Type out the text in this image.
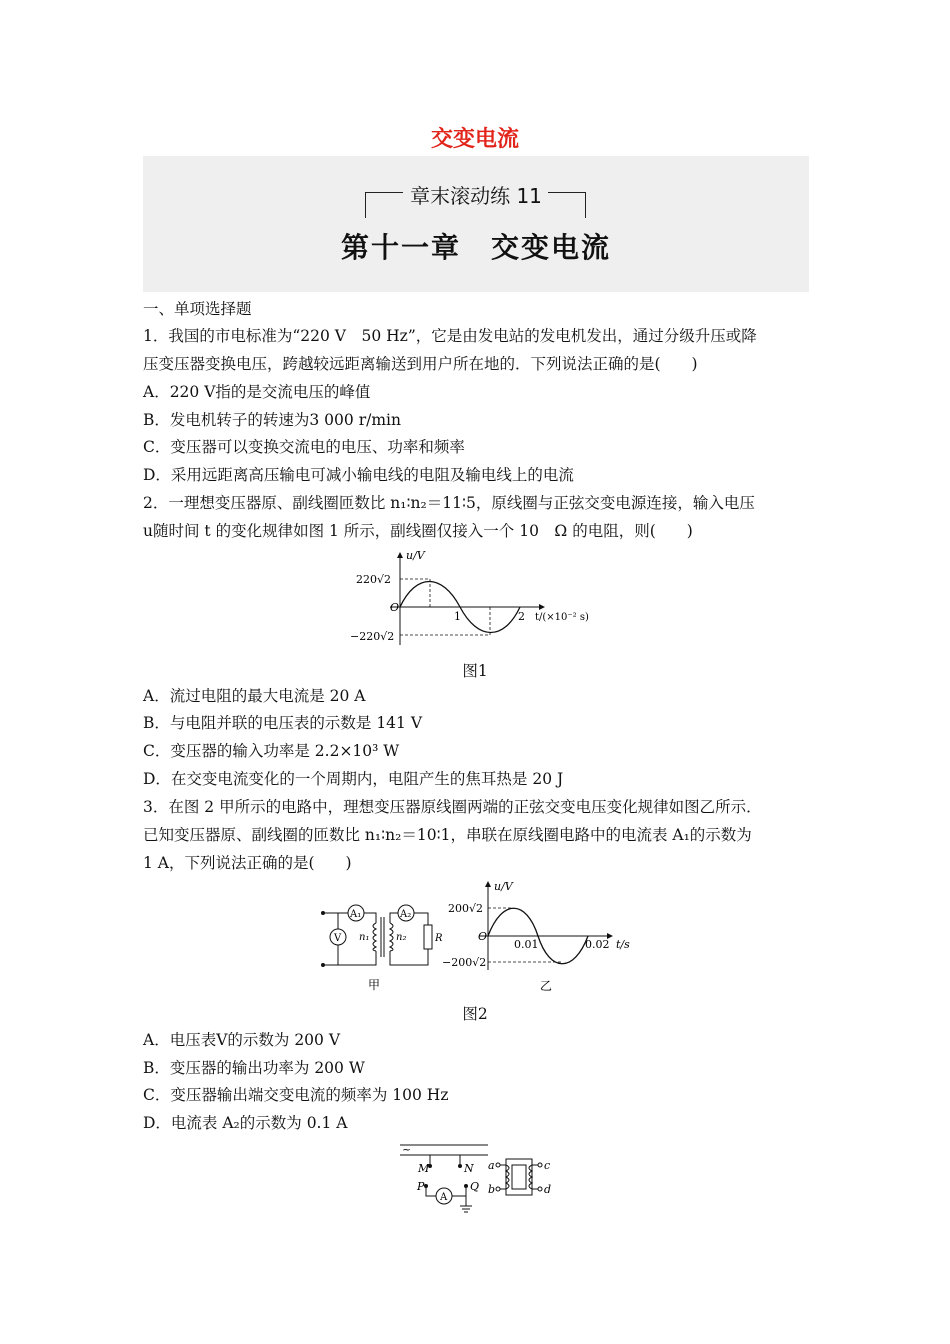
交变电流
章末滚动练 11
第十一章　交变电流
一、单项选择题
1．我国的市电标准为“220 V　50 Hz”，它是由发电站的发电机发出，通过分级升压或降
压变压器变换电压，跨越较远距离输送到用户所在地的．下列说法正确的是(　　)
A．220 V指的是交流电压的峰值
B．发电机转子的转速为3 000 r/min
C．变压器可以变换交流电的电压、功率和频率
D．采用远距离高压输电可减小输电线的电阻及输电线上的电流
2．一理想变压器原、副线圈匝数比 n₁∶n₂＝11∶5，原线圈与正弦交变电源连接，输入电压
u随时间 t 的变化规律如图 1 所示，副线圈仅接入一个 10　Ω 的电阻，则(　　)
u/V
220√2
O
−220√2
1	2 t/(×10⁻² s)
图1
A．流过电阻的最大电流是 20 A
B．与电阻并联的电压表的示数是 141 V
C．变压器的输入功率是 2.2×10³ W
D．在交变电流变化的一个周期内，电阻产生的焦耳热是 20 J
3．在图 2 甲所示的电路中，理想变压器原线圈两端的正弦交变电压变化规律如图乙所示．
已知变压器原、副线圈的匝数比 n₁∶n₂＝10∶1，串联在原线圈电路中的电流表 A₁的示数为
1 A，下列说法正确的是(　　)
A₁	A₂
V n₁	n₂	R
甲
u/V
200√2
O
−200√2
0.01	0.02 t/s
乙
图2
A．电压表V的示数为 200 V
B．变压器的输出功率为 200 W
C．变压器输出端交变电流的频率为 100 Hz
D．电流表 A₂的示数为 0.1 A
~
M	N
P	Q
A
a
b
c
d
